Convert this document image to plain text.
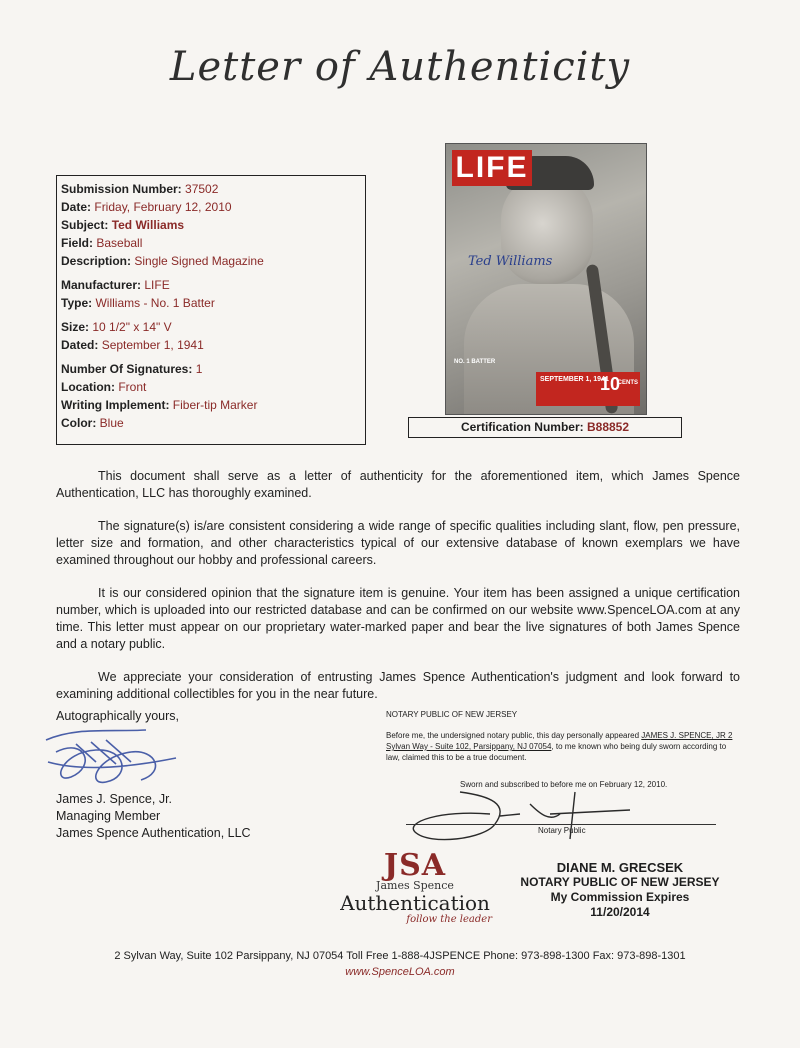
Letter of Authenticity
Submission Number: 37502
Date: Friday, February 12, 2010
Subject: Ted Williams
Field: Baseball
Description: Single Signed Magazine
Manufacturer: LIFE
Type: Williams - No. 1 Batter
Size: 10 1/2" x 14" V
Dated: September 1, 1941
Number Of Signatures: 1
Location: Front
Writing Implement: Fiber-tip Marker
Color: Blue
LIFE
Ted Williams
NO. 1 BATTER
SEPTEMBER 1, 1941
10
CENTS
Certification Number: B88852
This document shall serve as a letter of authenticity for the aforementioned item, which James Spence Authentication, LLC has thoroughly examined.
The signature(s) is/are consistent considering a wide range of specific qualities including slant, flow, pen pressure, letter size and formation, and other characteristics typical of our extensive database of known exemplars we have examined throughout our hobby and professional careers.
It is our considered opinion that the signature item is genuine. Your item has been assigned a unique certification number, which is uploaded into our restricted database and can be confirmed on our website www.SpenceLOA.com at any time. This letter must appear on our proprietary water-marked paper and bear the live signatures of both James Spence and a notary public.
We appreciate your consideration of entrusting James Spence Authentication's judgment and look forward to examining additional collectibles for you in the near future.
Autographically yours,
James J. Spence, Jr.
Managing Member
James Spence Authentication, LLC
NOTARY PUBLIC OF NEW JERSEY
Before me, the undersigned notary public, this day personally appeared JAMES J. SPENCE, JR 2 Sylvan Way - Suite 102, Parsippany, NJ 07054, to me known who being duly sworn according to law, claimed this to be a true document.
Sworn and subscribed to before me on February 12, 2010.
Notary Public
JSA
James Spence
Authentication
follow the leader
DIANE M. GRECSEK
NOTARY PUBLIC OF NEW JERSEY
My Commission Expires 11/20/2014
2 Sylvan Way, Suite 102 Parsippany, NJ 07054 Toll Free 1-888-4JSPENCE Phone: 973-898-1300 Fax: 973-898-1301
www.SpenceLOA.com
